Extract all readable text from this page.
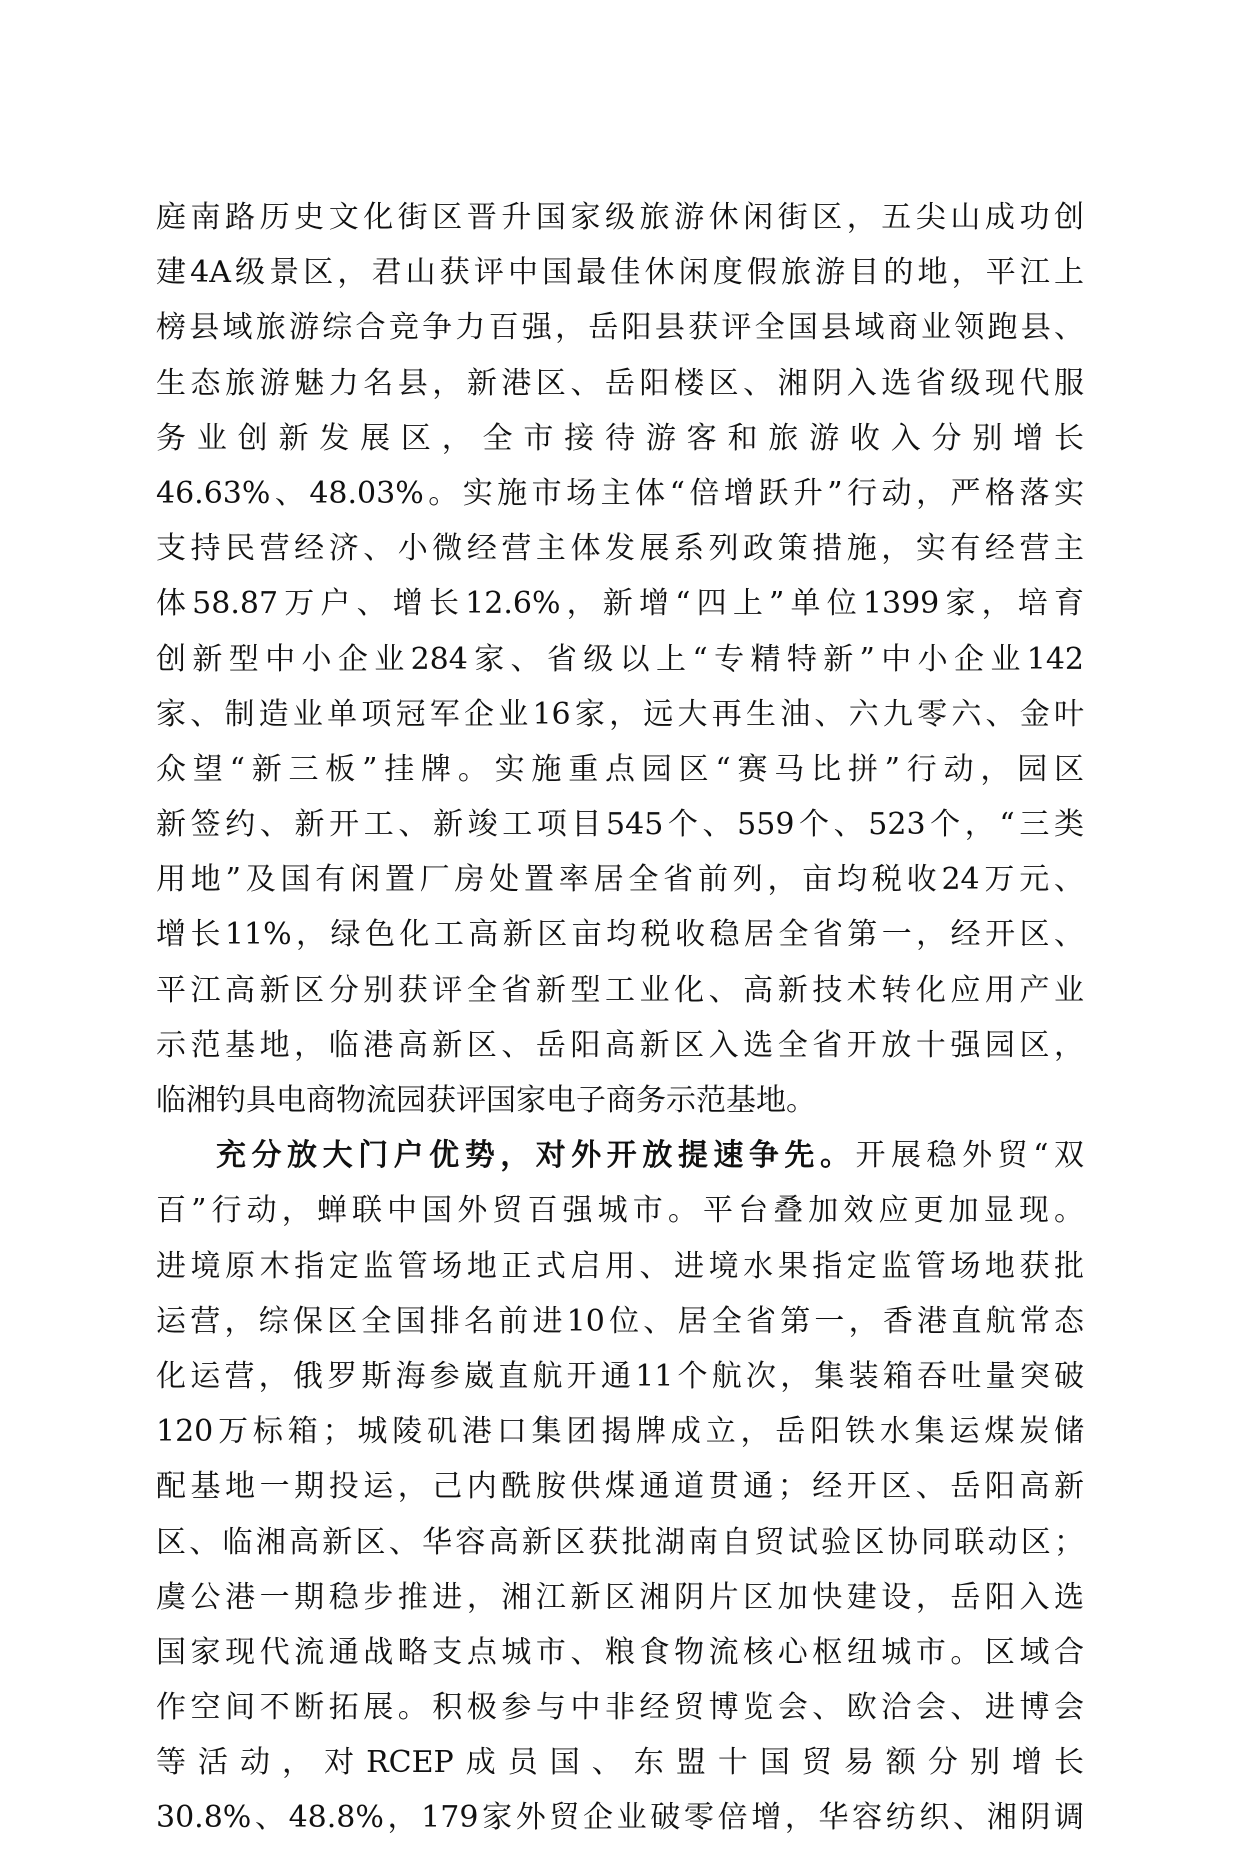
庭南路历史文化街区晋升国家级旅游休闲街区，五尖山成功创
建4A级景区，君山获评中国最佳休闲度假旅游目的地，平江上
榜县域旅游综合竞争力百强，岳阳县获评全国县域商业领跑县、
生态旅游魅力名县，新港区、岳阳楼区、湘阴入选省级现代服
务业创新发展区，全市接待游客和旅游收入分别增长
46.63%、48.03%。实施市场主体“倍增跃升”行动，严格落实
支持民营经济、小微经营主体发展系列政策措施，实有经营主
体58.87万户、增长12.6%，新增“四上”单位1399家，培育
创新型中小企业284家、省级以上“专精特新”中小企业142
家、制造业单项冠军企业16家，远大再生油、六九零六、金叶
众望“新三板”挂牌。实施重点园区“赛马比拼”行动，园区
新签约、新开工、新竣工项目545个、559个、523个，“三类
用地”及国有闲置厂房处置率居全省前列，亩均税收24万元、
增长11%，绿色化工高新区亩均税收稳居全省第一，经开区、
平江高新区分别获评全省新型工业化、高新技术转化应用产业
示范基地，临港高新区、岳阳高新区入选全省开放十强园区，
临湘钓具电商物流园获评国家电子商务示范基地。
充分放大门户优势，对外开放提速争先。开展稳外贸“双
百”行动，蝉联中国外贸百强城市。平台叠加效应更加显现。
进境原木指定监管场地正式启用、进境水果指定监管场地获批
运营，综保区全国排名前进10位、居全省第一，香港直航常态
化运营，俄罗斯海参崴直航开通11个航次，集装箱吞吐量突破
120万标箱；城陵矶港口集团揭牌成立，岳阳铁水集运煤炭储
配基地一期投运，己内酰胺供煤通道贯通；经开区、岳阳高新
区、临湘高新区、华容高新区获批湖南自贸试验区协同联动区；
虞公港一期稳步推进，湘江新区湘阴片区加快建设，岳阳入选
国家现代流通战略支点城市、粮食物流核心枢纽城市。区域合
作空间不断拓展。积极参与中非经贸博览会、欧洽会、进博会
等活动，对RCEP成员国、东盟十国贸易额分别增长
30.8%、48.8%，179家外贸企业破零倍增，华容纺织、湘阴调
